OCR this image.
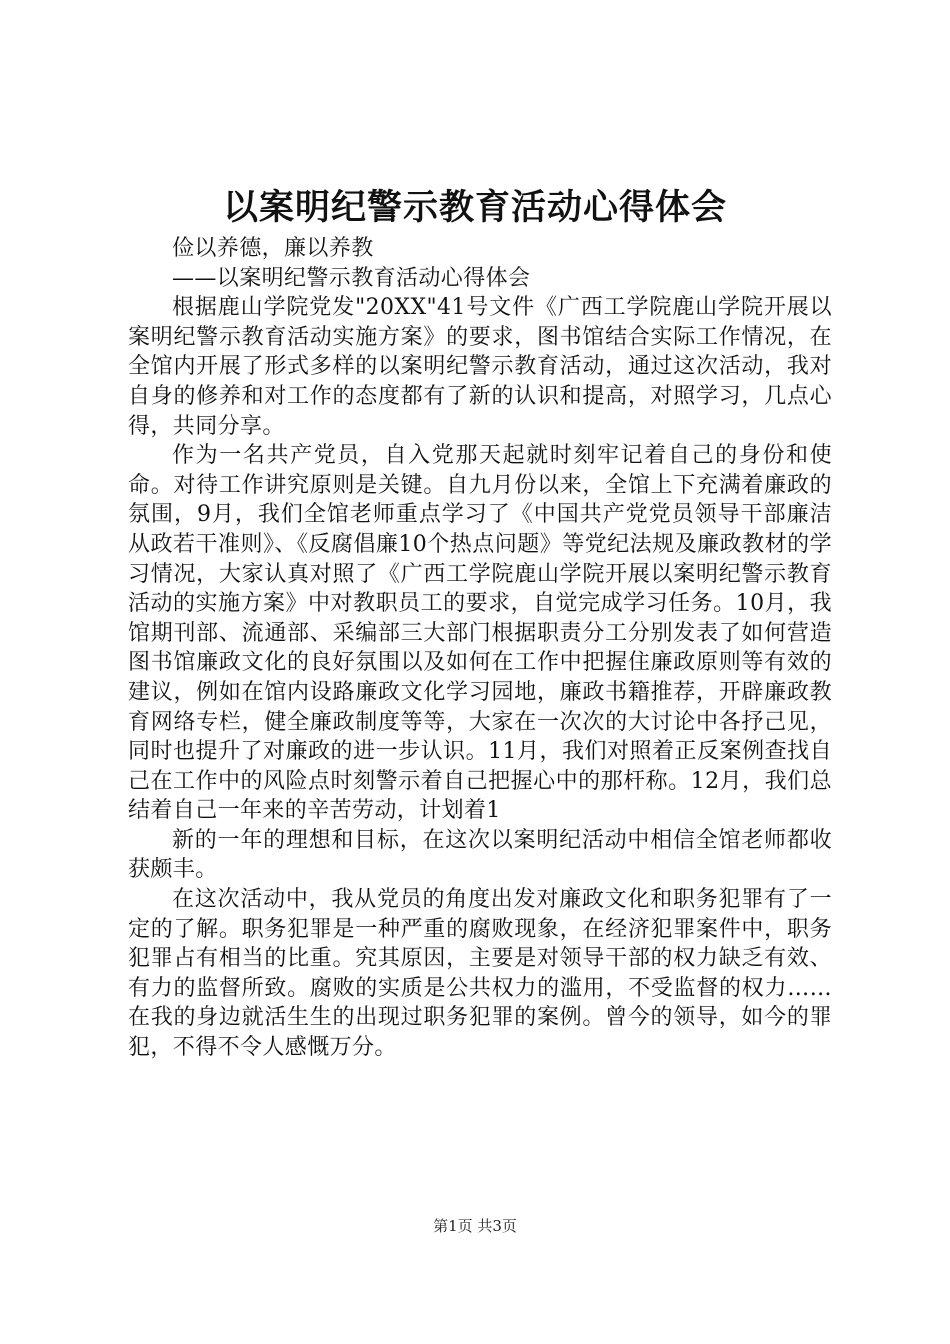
以案明纪警示教育活动心得体会

俭以养德，廉以养教

——以案明纪警示教育活动心得体会

根据鹿山学院党发"20XX"41号文件《广西工学院鹿山学院开展以案明纪警示教育活动实施方案》的要求，图书馆结合实际工作情况，在全馆内开展了形式多样的以案明纪警示教育活动，通过这次活动，我对自身的修养和对工作的态度都有了新的认识和提高，对照学习，几点心得，共同分享。

作为一名共产党员，自入党那天起就时刻牢记着自己的身份和使命。对待工作讲究原则是关键。自九月份以来，全馆上下充满着廉政的氛围，9月，我们全馆老师重点学习了《中国共产党党员领导干部廉洁从政若干准则》、《反腐倡廉10个热点问题》等党纪法规及廉政教材的学习情况，大家认真对照了《广西工学院鹿山学院开展以案明纪警示教育活动的实施方案》中对教职员工的要求，自觉完成学习任务。10月，我馆期刊部、流通部、采编部三大部门根据职责分工分别发表了如何营造图书馆廉政文化的良好氛围以及如何在工作中把握住廉政原则等有效的建议，例如在馆内设路廉政文化学习园地，廉政书籍推荐，开辟廉政教育网络专栏，健全廉政制度等等，大家在一次次的大讨论中各抒己见，同时也提升了对廉政的进一步认识。11月，我们对照着正反案例查找自己在工作中的风险点时刻警示着自己把握心中的那杆称。12月，我们总结着自己一年来的辛苦劳动，计划着1

新的一年的理想和目标，在这次以案明纪活动中相信全馆老师都收获颇丰。

在这次活动中，我从党员的角度出发对廉政文化和职务犯罪有了一定的了解。职务犯罪是一种严重的腐败现象，在经济犯罪案件中，职务犯罪占有相当的比重。究其原因，主要是对领导干部的权力缺乏有效、有力的监督所致。腐败的实质是公共权力的滥用，不受监督的权力……在我的身边就活生生的出现过职务犯罪的案例。曾今的领导，如今的罪犯，不得不令人感慨万分。

第1页 共3页
